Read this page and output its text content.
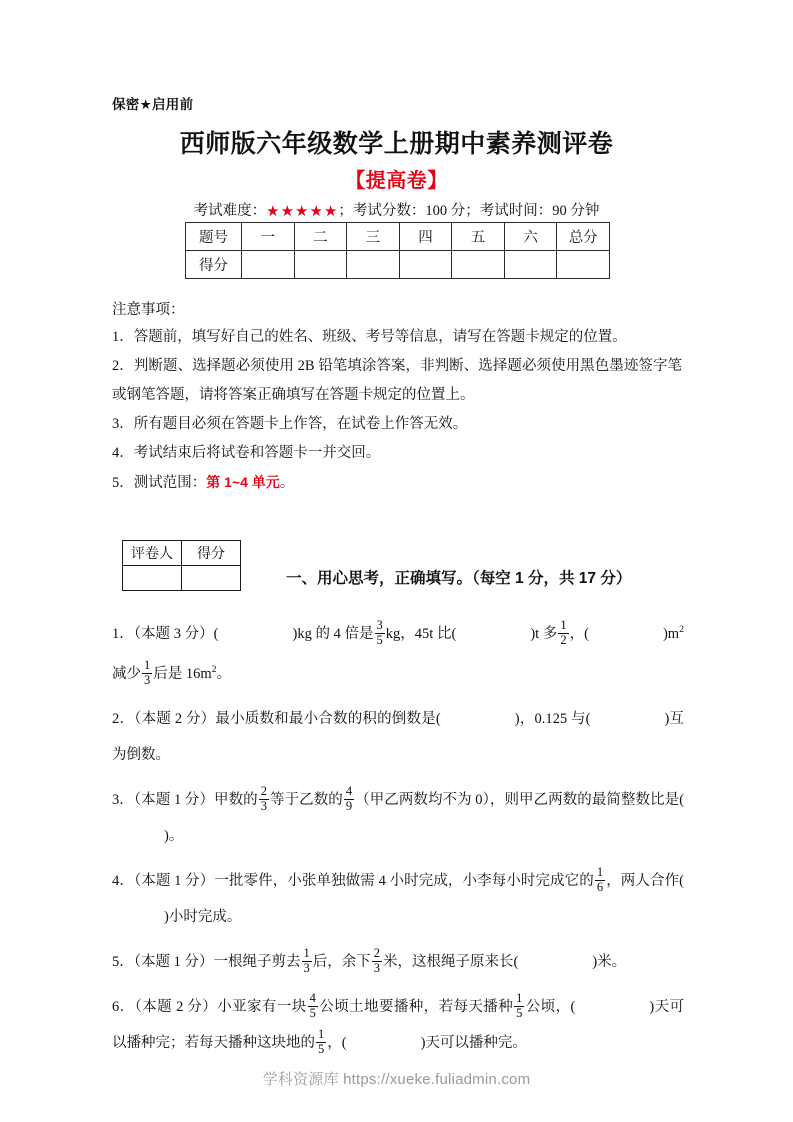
保密★启用前
西师版六年级数学上册期中素养测评卷
【提高卷】
考试难度：★★★★★；考试分数：100 分；考试时间：90 分钟
题号	一	二	三	四	五	六	总分
得分							
注意事项：
1．答题前，填写好自己的姓名、班级、考号等信息，请写在答题卡规定的位置。
2．判断题、选择题必须使用 2B 铅笔填涂答案，非判断、选择题必须使用黑色墨迹签字笔或钢笔答题，请将答案正确填写在答题卡规定的位置上。
3．所有题目必须在答题卡上作答，在试卷上作答无效。
4．考试结束后将试卷和答题卡一并交回。
5．测试范围：第 1~4 单元。
评卷人	得分

一、用心思考，正确填写。（每空 1 分，共 17 分）
1．（本题 3 分）(	)kg 的 4 倍是 $\frac{3}{5}$ kg，45t 比(	)t 多 $\frac{1}{2}$ ，(	)$m^2$减少 $\frac{1}{3}$ 后是 $16m^2$。
2．（本题 2 分）最小质数和最小合数的积的倒数是(	)，0.125 与(	)互为倒数。
3．（本题 1 分）甲数的 $\frac{2}{3}$ 等于乙数的 $\frac{4}{9}$ （甲乙两数均不为 0），则甲乙两数的最简整数比是()。
4．（本题 1 分）一批零件，小张单独做需 4 小时完成，小李每小时完成它的 $\frac{1}{6}$ ，两人合作()小时完成。
5．（本题 1 分）一根绳子剪去 $\frac{1}{3}$ 后，余下 $\frac{2}{3}$ 米，这根绳子原来长(	)米。
6．（本题 2 分）小亚家有一块 $\frac{4}{5}$ 公顷土地要播种，若每天播种 $\frac{1}{5}$ 公顷，(	)天可以播种完；若每天播种这块地的 $\frac{1}{5}$ ，(	)天可以播种完。
学科资源库 https://xueke.fuliadmin.com
